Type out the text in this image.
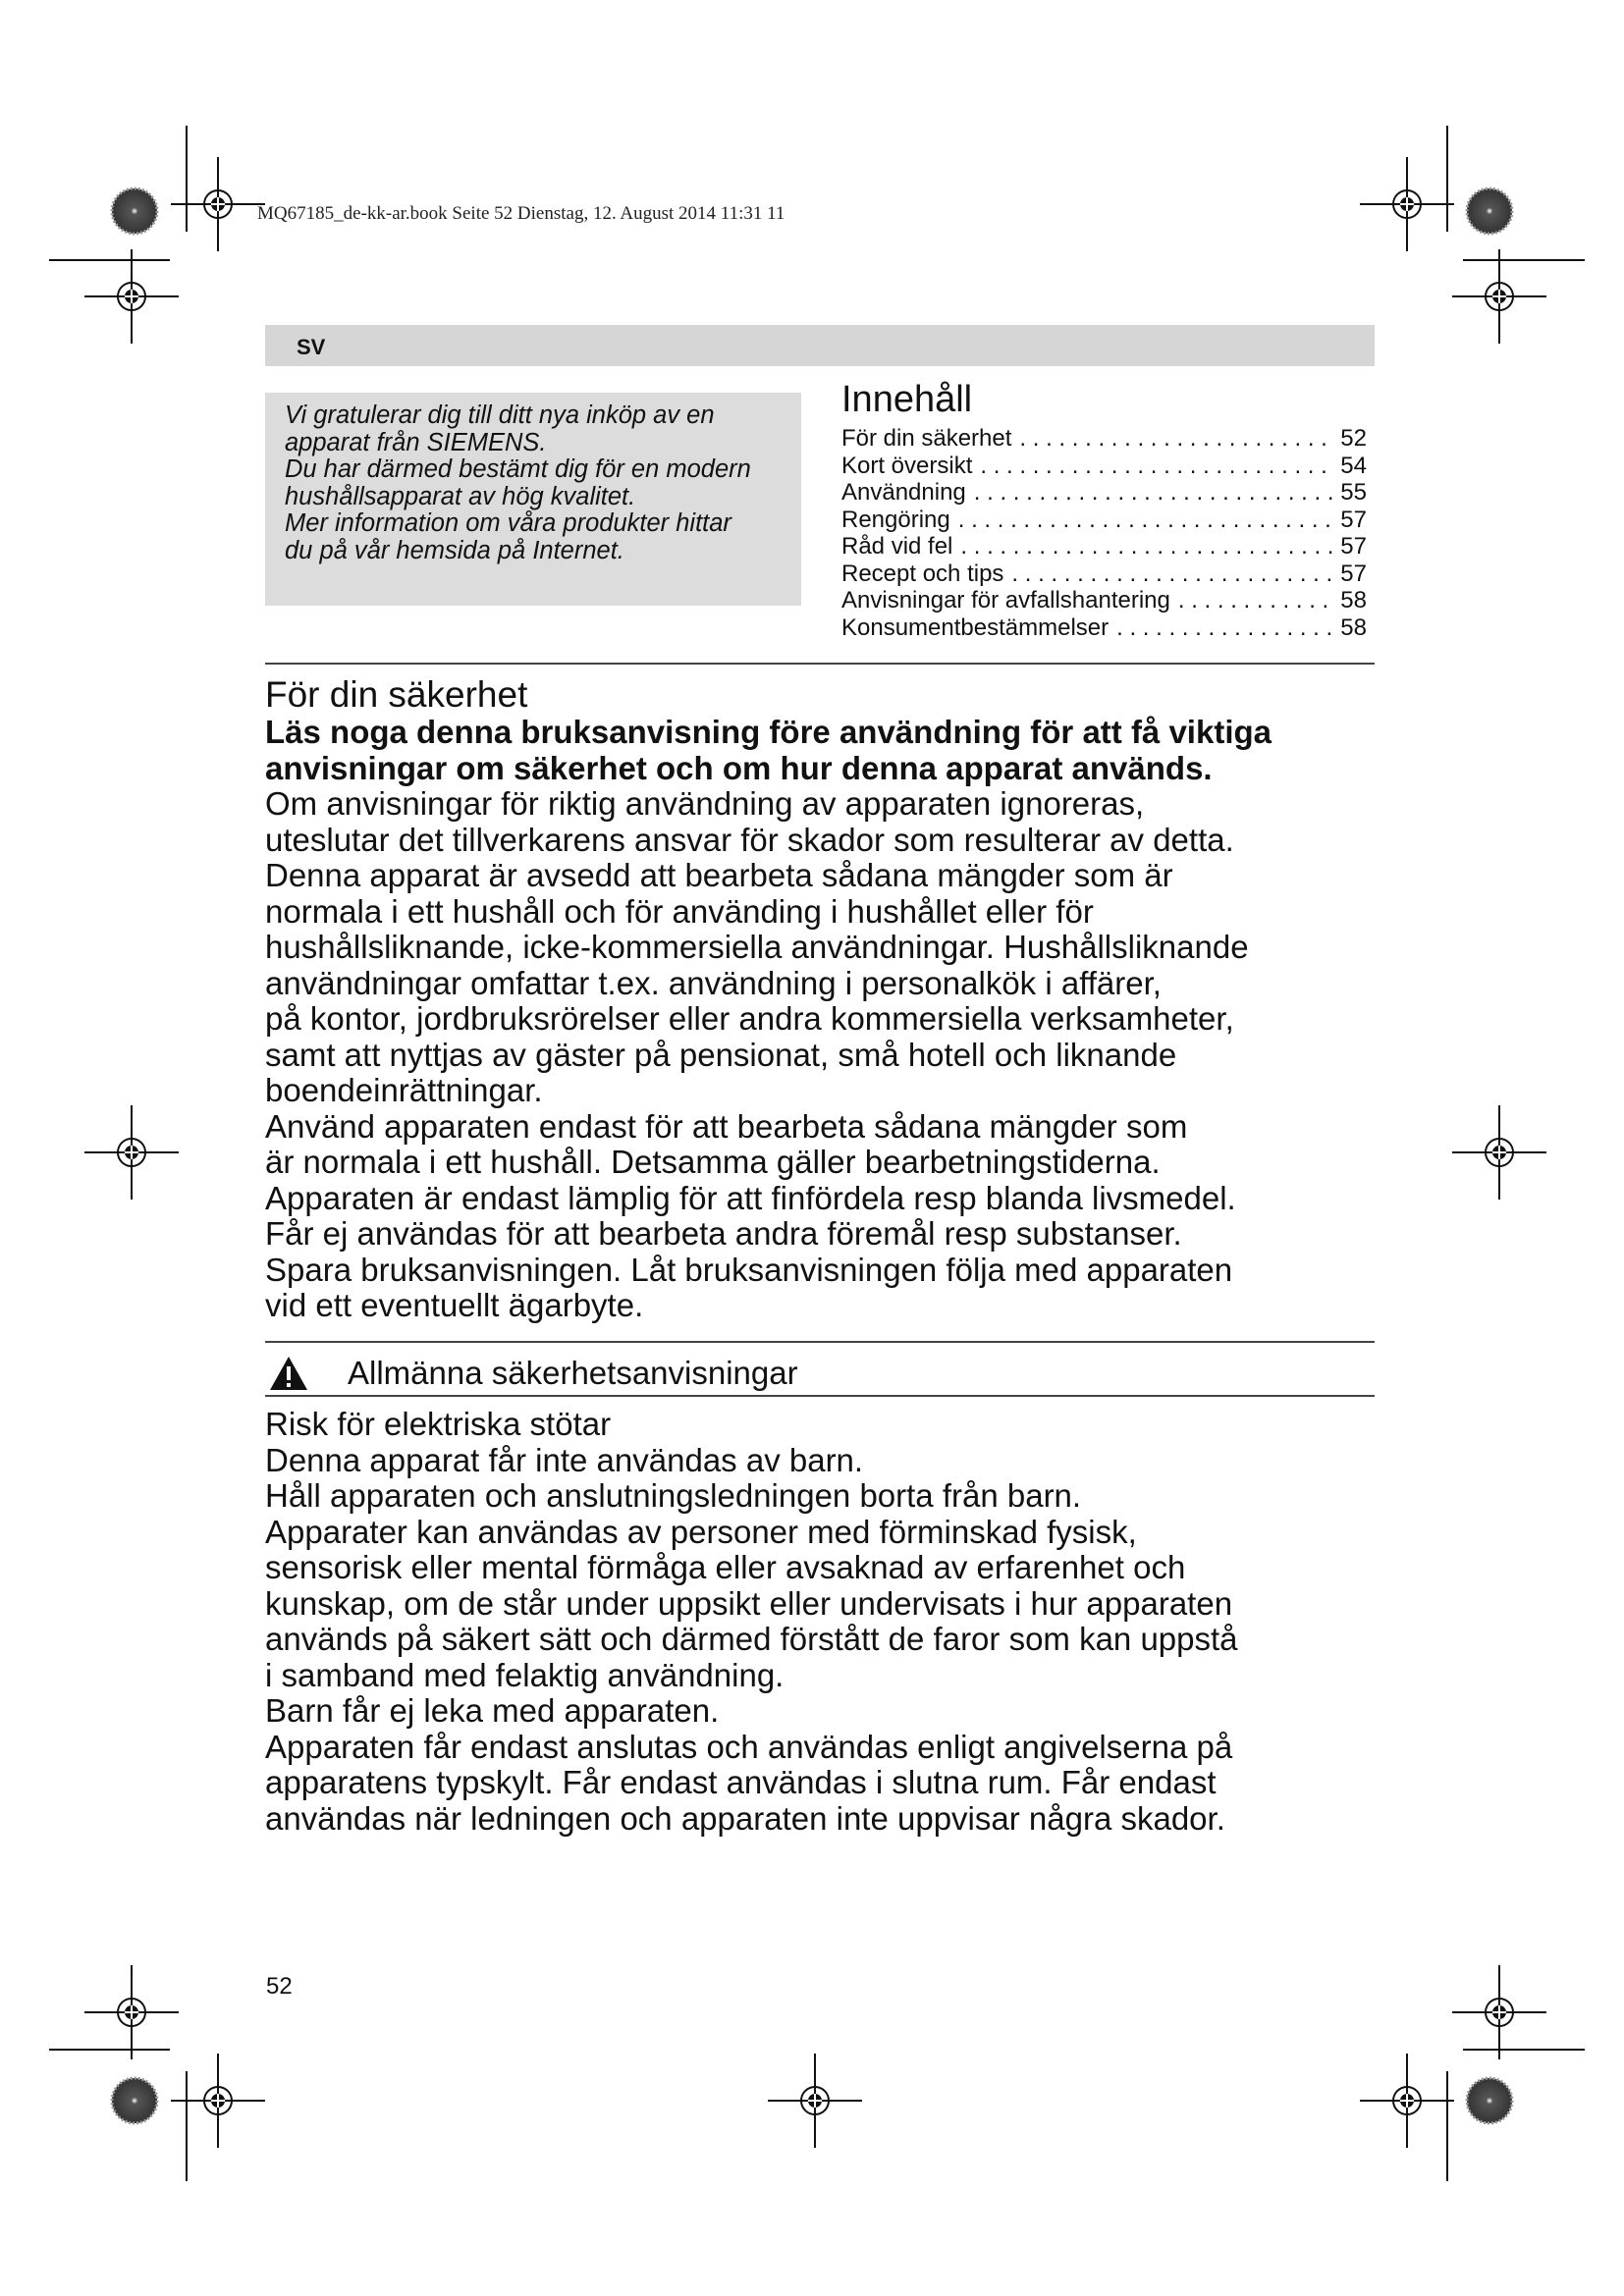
MQ67185_de-kk-ar.book Seite 52 Dienstag, 12. August 2014 11:31 11
SV

Vi gratulerar dig till ditt nya inköp av en

apparat från SIEMENS.

Du har därmed bestämt dig för en modern

hushållsapparat av hög kvalitet.

Mer information om våra produkter hittar

du på vår hemsida på Internet.

Innehåll
För din säkerhet . . .	52
Kort översikt . . .	54
Användning . . .	55
Rengöring . . .	57
Råd vid fel . . .	57
Recept och tips . . .	57
Anvisningar för avfallshantering . . .	58
Konsumentbestämmelser . . .	58
För din säkerhet

Läs noga denna bruksanvisning före användning för att få viktiga

anvisningar om säkerhet och om hur denna apparat används.

Om anvisningar för riktig användning av apparaten ignoreras,

uteslutar det tillverkarens ansvar för skador som resulterar av detta.

Denna apparat är avsedd att bearbeta sådana mängder som är

normala i ett hushåll och för använding i hushållet eller för

hushållsliknande, icke-kommersiella användningar. Hushållsliknande

användningar omfattar t.ex. användning i personalkök i affärer,

på kontor, jordbruksrörelser eller andra kommersiella verksamheter,

samt att nyttjas av gäster på pensionat, små hotell och liknande

boendeinrättningar.

Använd apparaten endast för att bearbeta sådana mängder som

är normala i ett hushåll. Detsamma gäller bearbetningstiderna.

Apparaten är endast lämplig för att finfördela resp blanda livsmedel.

Får ej användas för att bearbeta andra föremål resp substanser.

Spara bruksanvisningen. Låt bruksanvisningen följa med apparaten

vid ett eventuellt ägarbyte.

Allmänna säkerhetsanvisningar

Risk för elektriska stötar

Denna apparat får inte användas av barn.

Håll apparaten och anslutningsledningen borta från barn.

Apparater kan användas av personer med förminskad fysisk,

sensorisk eller mental förmåga eller avsaknad av erfarenhet och

kunskap, om de står under uppsikt eller undervisats i hur apparaten

används på säkert sätt och därmed förstått de faror som kan uppstå

i samband med felaktig användning.

Barn får ej leka med apparaten.

Apparaten får endast anslutas och användas enligt angivelserna på

apparatens typskylt. Får endast användas i slutna rum. Får endast

användas när ledningen och apparaten inte uppvisar några skador.

52
